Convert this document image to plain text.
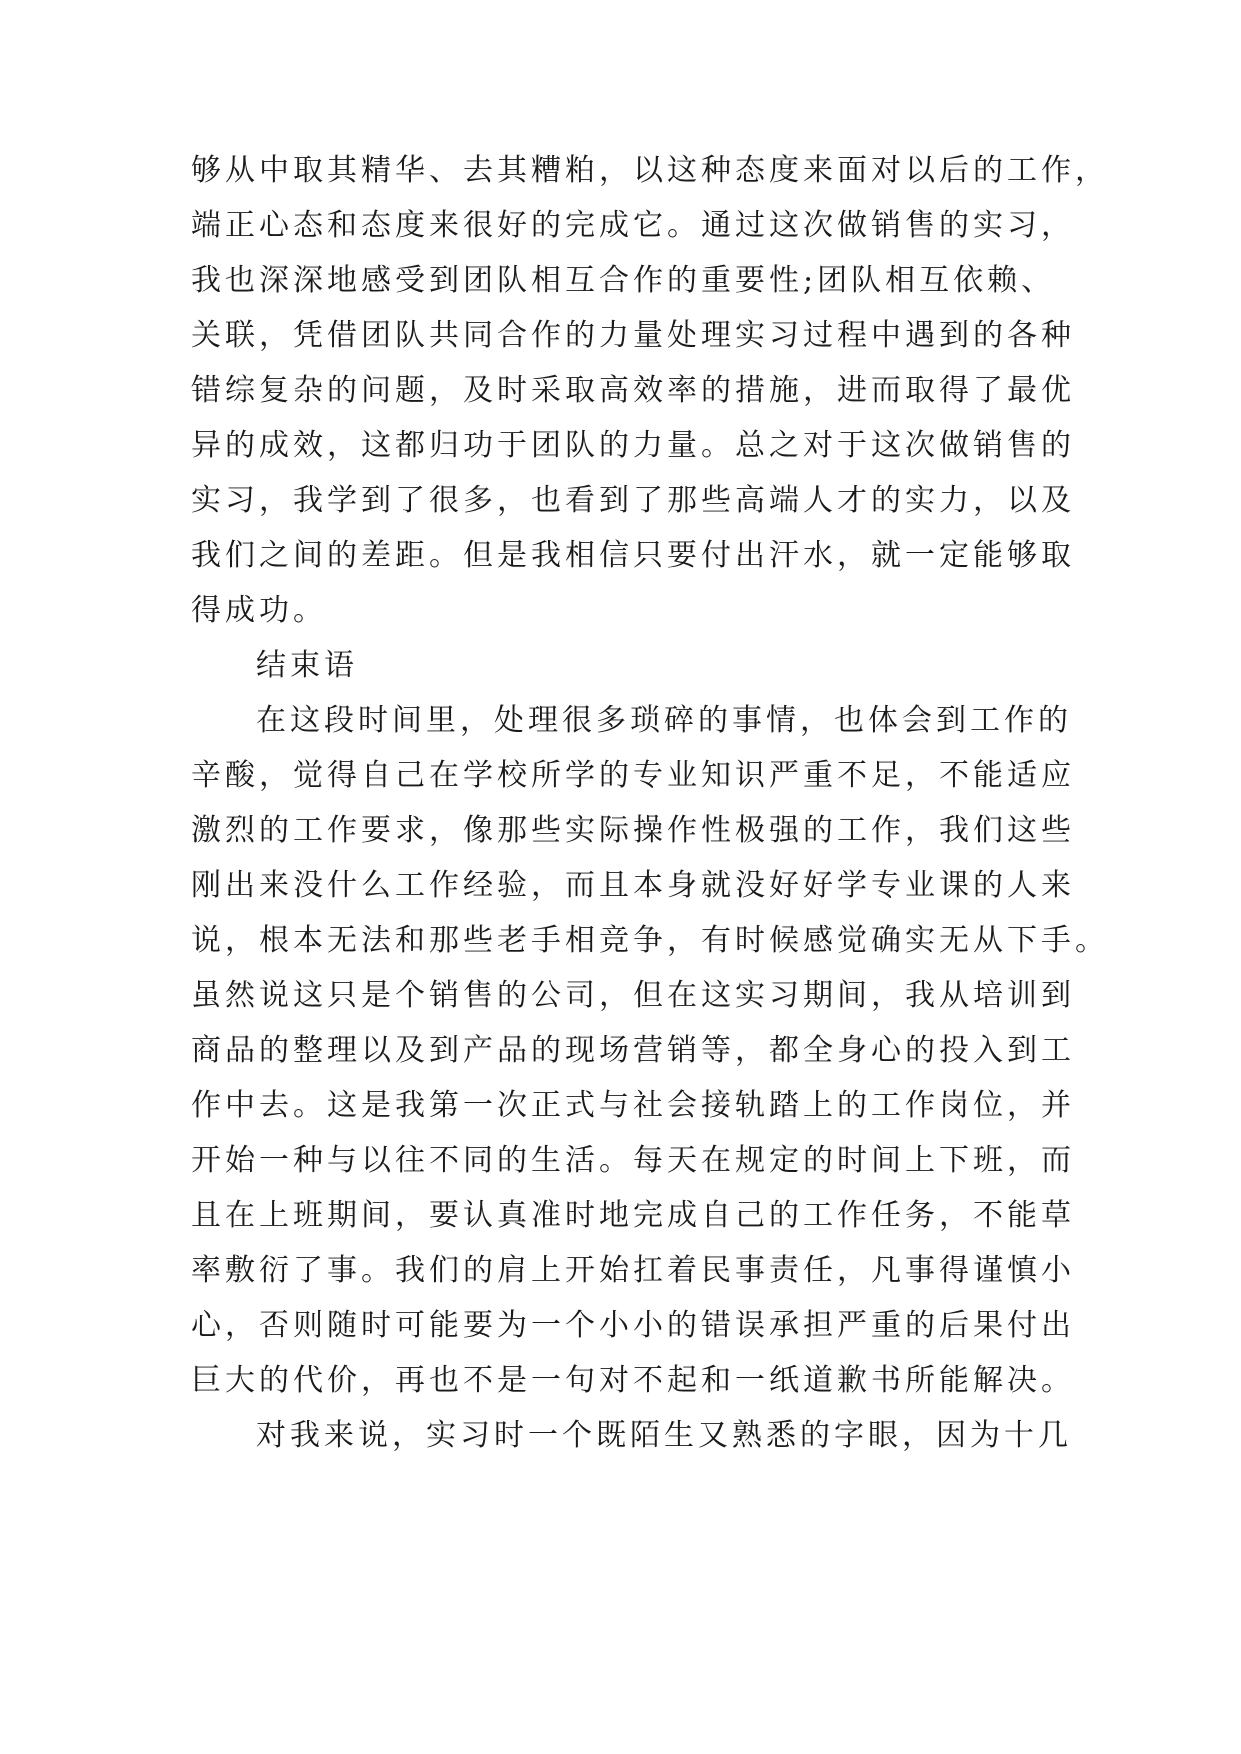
够从中取其精华、去其糟粕，以这种态度来面对以后的工作，
端正心态和态度来很好的完成它。通过这次做销售的实习，
我也深深地感受到团队相互合作的重要性;团队相互依赖、
关联，凭借团队共同合作的力量处理实习过程中遇到的各种
错综复杂的问题，及时采取高效率的措施，进而取得了最优
异的成效，这都归功于团队的力量。总之对于这次做销售的
实习，我学到了很多，也看到了那些高端人才的实力，以及
我们之间的差距。但是我相信只要付出汗水，就一定能够取
得成功。
结束语
在这段时间里，处理很多琐碎的事情，也体会到工作的
辛酸，觉得自己在学校所学的专业知识严重不足，不能适应
激烈的工作要求，像那些实际操作性极强的工作，我们这些
刚出来没什么工作经验，而且本身就没好好学专业课的人来
说，根本无法和那些老手相竞争，有时候感觉确实无从下手。
虽然说这只是个销售的公司，但在这实习期间，我从培训到
商品的整理以及到产品的现场营销等，都全身心的投入到工
作中去。这是我第一次正式与社会接轨踏上的工作岗位，并
开始一种与以往不同的生活。每天在规定的时间上下班，而
且在上班期间，要认真准时地完成自己的工作任务，不能草
率敷衍了事。我们的肩上开始扛着民事责任，凡事得谨慎小
心，否则随时可能要为一个小小的错误承担严重的后果付出
巨大的代价，再也不是一句对不起和一纸道歉书所能解决。
对我来说，实习时一个既陌生又熟悉的字眼，因为十几
